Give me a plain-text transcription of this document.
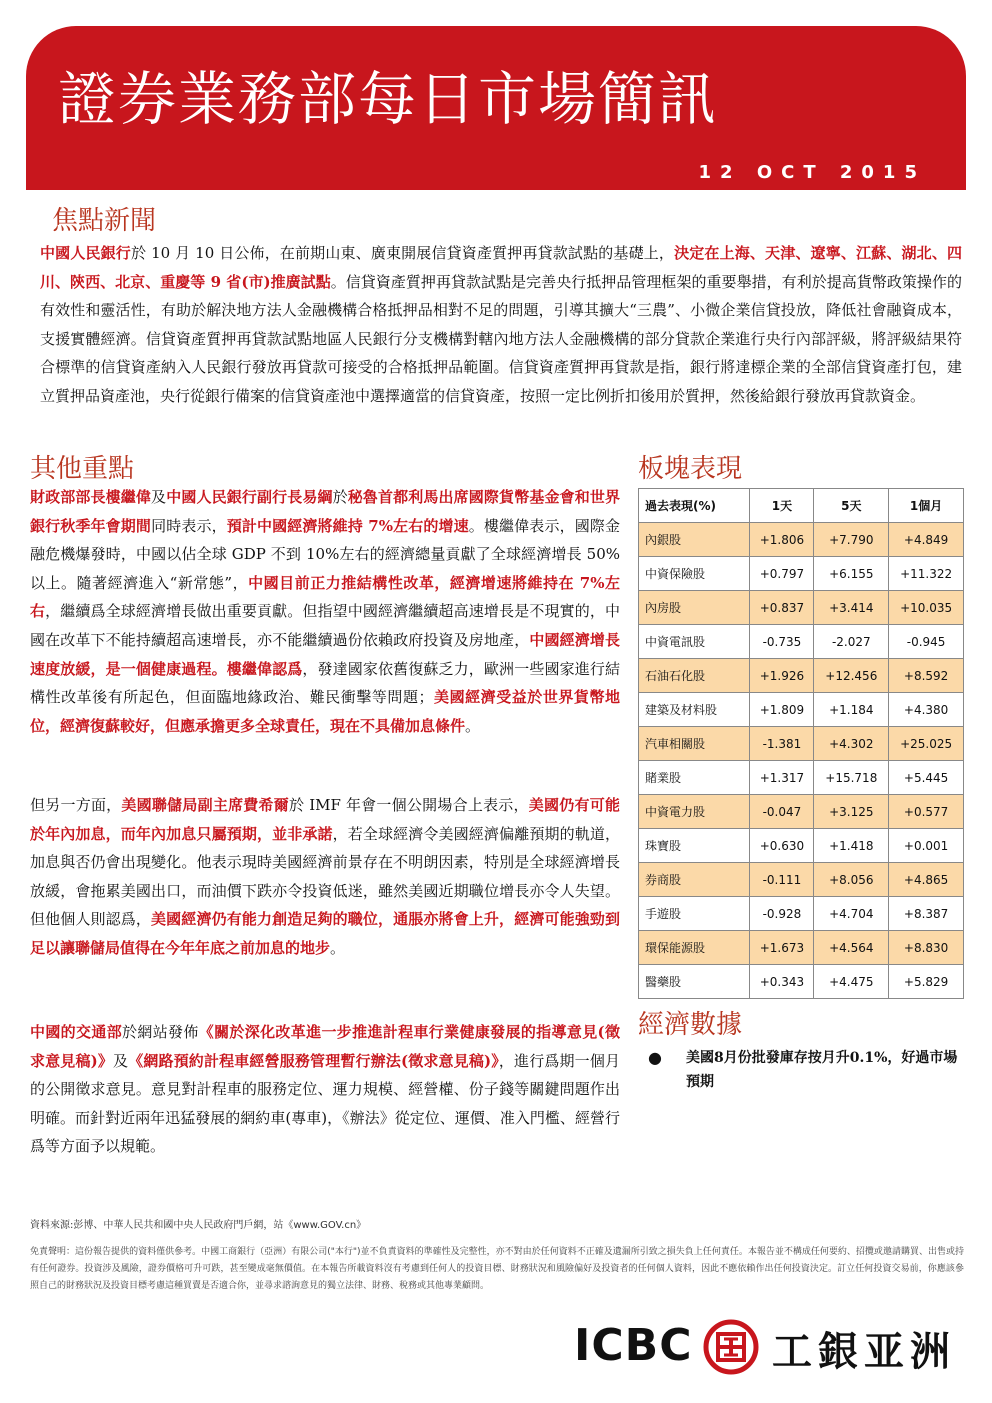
證券業務部每日市場簡訊
12 OCT 2015
焦點新聞
中國人民銀行於 10 月 10 日公佈，在前期山東、廣東開展信貸資產質押再貸款試點的基礎上，決定在上海、天津、遼寧、江蘇、湖北、四川、陝西、北京、重慶等 9 省(市)推廣試點。信貸資產質押再貸款試點是完善央行抵押品管理框架的重要舉措，有利於提高貨幣政策操作的有效性和靈活性，有助於解決地方法人金融機構合格抵押品相對不足的問題，引導其擴大“三農”、小微企業信貸投放，降低社會融資成本，支援實體經濟。信貸資產質押再貸款試點地區人民銀行分支機構對轄內地方法人金融機構的部分貸款企業進行央行內部評級，將評級結果符合標準的信貸資產納入人民銀行發放再貸款可接受的合格抵押品範圍。信貸資產質押再貸款是指，銀行將達標企業的全部信貸資產打包，建立質押品資產池，央行從銀行備案的信貸資產池中選擇適當的信貸資產，按照一定比例折扣後用於質押，然後給銀行發放再貸款資金。
其他重點
財政部部長樓繼偉及中國人民銀行副行長易綱於秘魯首都利馬出席國際貨幣基金會和世界銀行秋季年會期間同時表示，預計中國經濟將維持 7%左右的增速。樓繼偉表示，國際金融危機爆發時，中國以佔全球 GDP 不到 10%左右的經濟總量貢獻了全球經濟增長 50%以上。隨著經濟進入“新常態”，中國目前正力推結構性改革，經濟增速將維持在 7%左右，繼續爲全球經濟增長做出重要貢獻。但指望中國經濟繼續超高速增長是不現實的，中國在改革下不能持續超高速增長，亦不能繼續過份依賴政府投資及房地產，中國經濟增長速度放緩，是一個健康過程。樓繼偉認爲，發達國家依舊復蘇乏力，歐洲一些國家進行結構性改革後有所起色，但面臨地緣政治、難民衝擊等問題；美國經濟受益於世界貨幣地位，經濟復蘇較好，但應承擔更多全球責任，現在不具備加息條件。
但另一方面，美國聯儲局副主席費希爾於 IMF 年會一個公開場合上表示，美國仍有可能於年內加息，而年內加息只屬預期，並非承諾，若全球經濟令美國經濟偏離預期的軌道，加息與否仍會出現變化。他表示現時美國經濟前景存在不明朗因素，特別是全球經濟增長放緩，會拖累美國出口，而油價下跌亦令投資低迷，雖然美國近期職位增長亦令人失望。但他個人則認爲，美國經濟仍有能力創造足夠的職位，通脹亦將會上升，經濟可能強勁到足以讓聯儲局值得在今年年底之前加息的地步。
中國的交通部於網站發佈《關於深化改革進一步推進計程車行業健康發展的指導意見(徵求意見稿)》及《網路預約計程車經營服務管理暫行辦法(徵求意見稿)》，進行爲期一個月的公開徵求意見。意見對計程車的服務定位、運力規模、經營權、份子錢等關鍵問題作出明確。而針對近兩年迅猛發展的網約車(專車)，《辦法》從定位、運價、准入門檻、經營行爲等方面予以規範。
板塊表現
過去表現(%)	1天	5天	1個月
內銀股	+1.806	+7.790	+4.849
中資保險股	+0.797	+6.155	+11.322
內房股	+0.837	+3.414	+10.035
中資電訊股	-0.735	-2.027	-0.945
石油石化股	+1.926	+12.456	+8.592
建築及材料股	+1.809	+1.184	+4.380
汽車相關股	-1.381	+4.302	+25.025
賭業股	+1.317	+15.718	+5.445
中資電力股	-0.047	+3.125	+0.577
珠寶股	+0.630	+1.418	+0.001
券商股	-0.111	+8.056	+4.865
手遊股	-0.928	+4.704	+8.387
環保能源股	+1.673	+4.564	+8.830
醫藥股	+0.343	+4.475	+5.829
經濟數據
● 美國8月份批發庫存按月升0.1%，好過市場預期
資料來源:彭博、中華人民共和國中央人民政府門戶網，站《www.GOV.cn》
免責聲明：這份報告提供的資料僅供參考。中國工商銀行（亞洲）有限公司("本行")並不負責資料的準確性及完整性，亦不對由於任何資料不正確及遺漏所引致之損失負上任何責任。本報告並不構成任何要約、招攬或邀請購買、出售或持有任何證券。投資涉及風險，證券價格可升可跌，甚至變成毫無價值。在本報告所載資料沒有考慮到任何人的投資目標、財務狀況和風險偏好及投資者的任何個人資料，因此不應依賴作出任何投資決定。訂立任何投資交易前，你應該參照自己的財務狀況及投資目標考慮這種買賣是否適合你，並尋求諮詢意見的獨立法律、財務、稅務或其他專業顧問。
ICBC 工銀亚洲
